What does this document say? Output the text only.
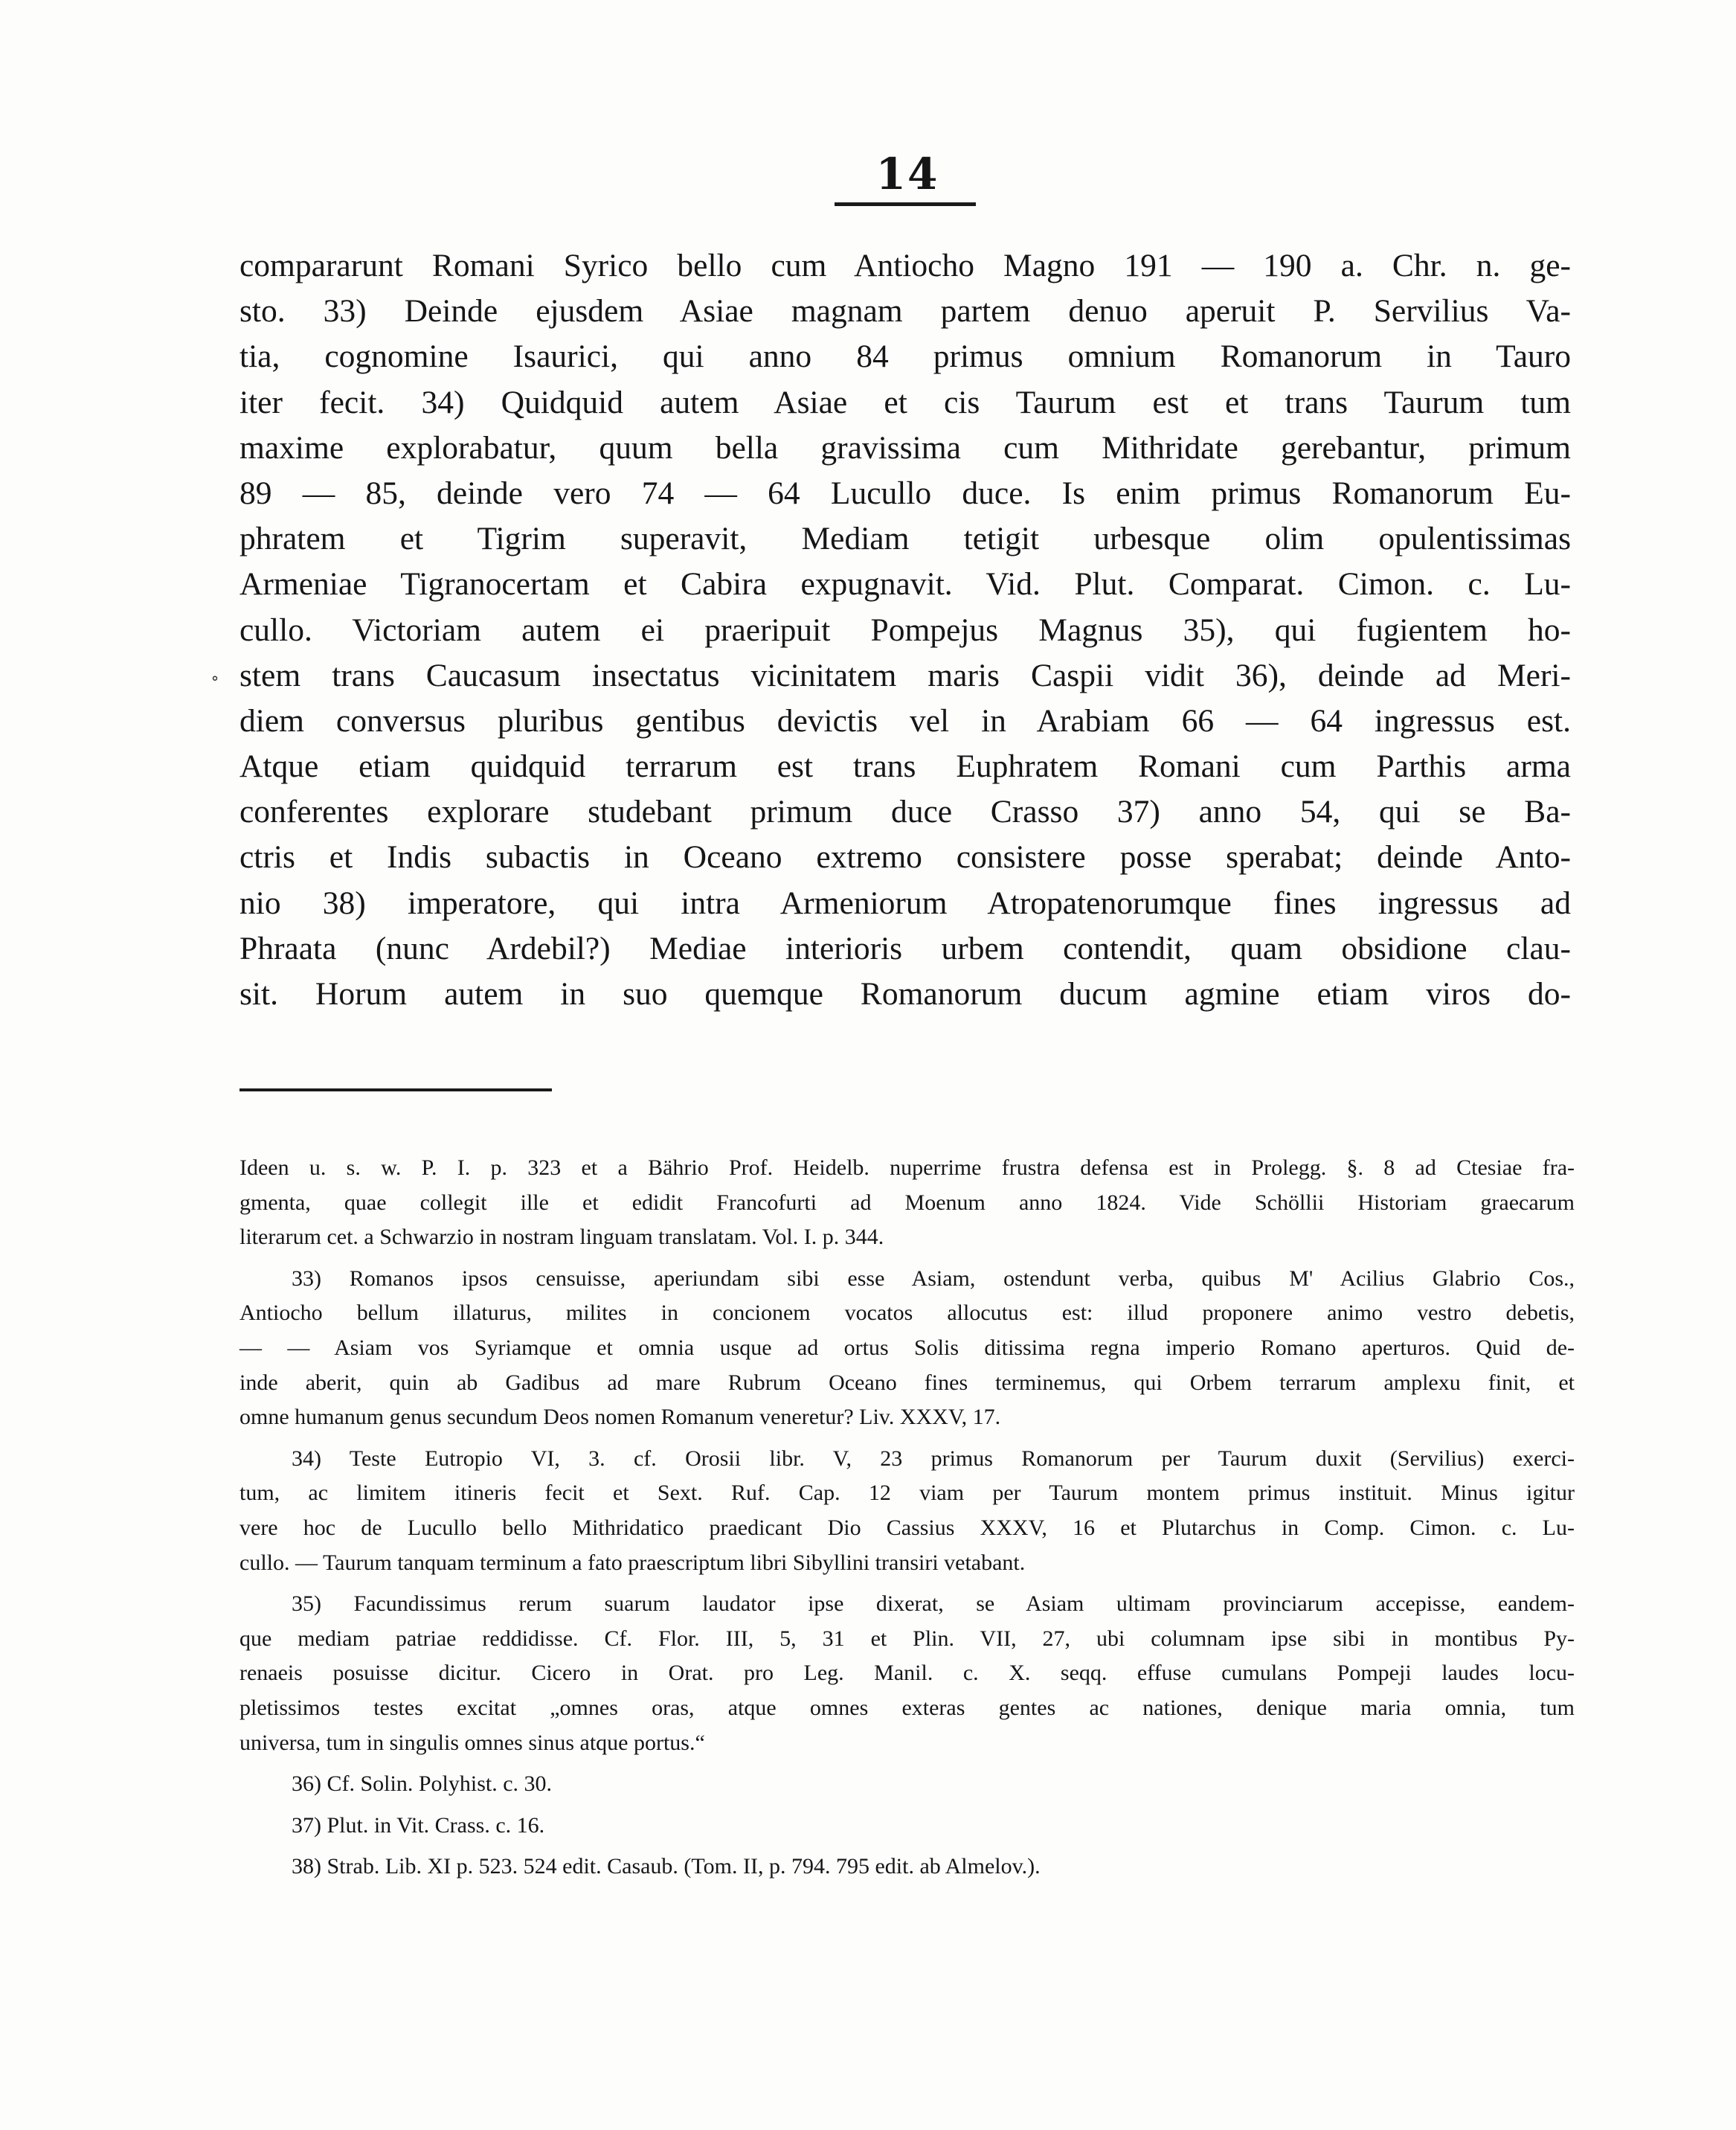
14
˚
compararunt Romani Syrico bello cum Antiocho Magno 191 — 190 a. Chr. n. ge-
sto. 33) Deinde ejusdem Asiae magnam partem denuo aperuit P. Servilius Va-
tia, cognomine Isaurici, qui anno 84 primus omnium Romanorum in Tauro
iter fecit. 34) Quidquid autem Asiae et cis Taurum est et trans Taurum tum
maxime explorabatur, quum bella gravissima cum Mithridate gerebantur, primum
89 — 85, deinde vero 74 — 64 Lucullo duce. Is enim primus Romanorum Eu-
phratem et Tigrim superavit, Mediam tetigit urbesque olim opulentissimas
Armeniae Tigranocertam et Cabira expugnavit. Vid. Plut. Comparat. Cimon. c. Lu-
cullo. Victoriam autem ei praeripuit Pompejus Magnus 35), qui fugientem ho-
stem trans Caucasum insectatus vicinitatem maris Caspii vidit 36), deinde ad Meri-
diem conversus pluribus gentibus devictis vel in Arabiam 66 — 64 ingressus est.
Atque etiam quidquid terrarum est trans Euphratem Romani cum Parthis arma
conferentes explorare studebant primum duce Crasso 37) anno 54, qui se Ba-
ctris et Indis subactis in Oceano extremo consistere posse sperabat; deinde Anto-
nio 38) imperatore, qui intra Armeniorum Atropatenorumque fines ingressus ad
Phraata (nunc Ardebil?) Mediae interioris urbem contendit, quam obsidione clau-
sit. Horum autem in suo quemque Romanorum ducum agmine etiam viros do-
Ideen u. s. w. P. I. p. 323 et a Bährio Prof. Heidelb. nuperrime frustra defensa est in Prolegg. §. 8 ad Ctesiae fra-
gmenta, quae collegit ille et edidit Francofurti ad Moenum anno 1824. Vide Schöllii Historiam graecarum
literarum cet. a Schwarzio in nostram linguam translatam. Vol. I. p. 344.
33) Romanos ipsos censuisse, aperiundam sibi esse Asiam, ostendunt verba, quibus M' Acilius Glabrio Cos.,
Antiocho bellum illaturus, milites in concionem vocatos allocutus est: illud proponere animo vestro debetis,
— — Asiam vos Syriamque et omnia usque ad ortus Solis ditissima regna imperio Romano aperturos. Quid de-
inde aberit, quin ab Gadibus ad mare Rubrum Oceano fines terminemus, qui Orbem terrarum amplexu finit, et
omne humanum genus secundum Deos nomen Romanum veneretur? Liv. XXXV, 17.
34) Teste Eutropio VI, 3. cf. Orosii libr. V, 23 primus Romanorum per Taurum duxit (Servilius) exerci-
tum, ac limitem itineris fecit et Sext. Ruf. Cap. 12 viam per Taurum montem primus instituit. Minus igitur
vere hoc de Lucullo bello Mithridatico praedicant Dio Cassius XXXV, 16 et Plutarchus in Comp. Cimon. c. Lu-
cullo. — Taurum tanquam terminum a fato praescriptum libri Sibyllini transiri vetabant.
35) Facundissimus rerum suarum laudator ipse dixerat, se Asiam ultimam provinciarum accepisse, eandem-
que mediam patriae reddidisse. Cf. Flor. III, 5, 31 et Plin. VII, 27, ubi columnam ipse sibi in montibus Py-
renaeis posuisse dicitur. Cicero in Orat. pro Leg. Manil. c. X. seqq. effuse cumulans Pompeji laudes locu-
pletissimos testes excitat „omnes oras, atque omnes exteras gentes ac nationes, denique maria omnia, tum
universa, tum in singulis omnes sinus atque portus.“
36) Cf. Solin. Polyhist. c. 30.
37) Plut. in Vit. Crass. c. 16.
38) Strab. Lib. XI p. 523. 524 edit. Casaub. (Tom. II, p. 794. 795 edit. ab Almelov.).
